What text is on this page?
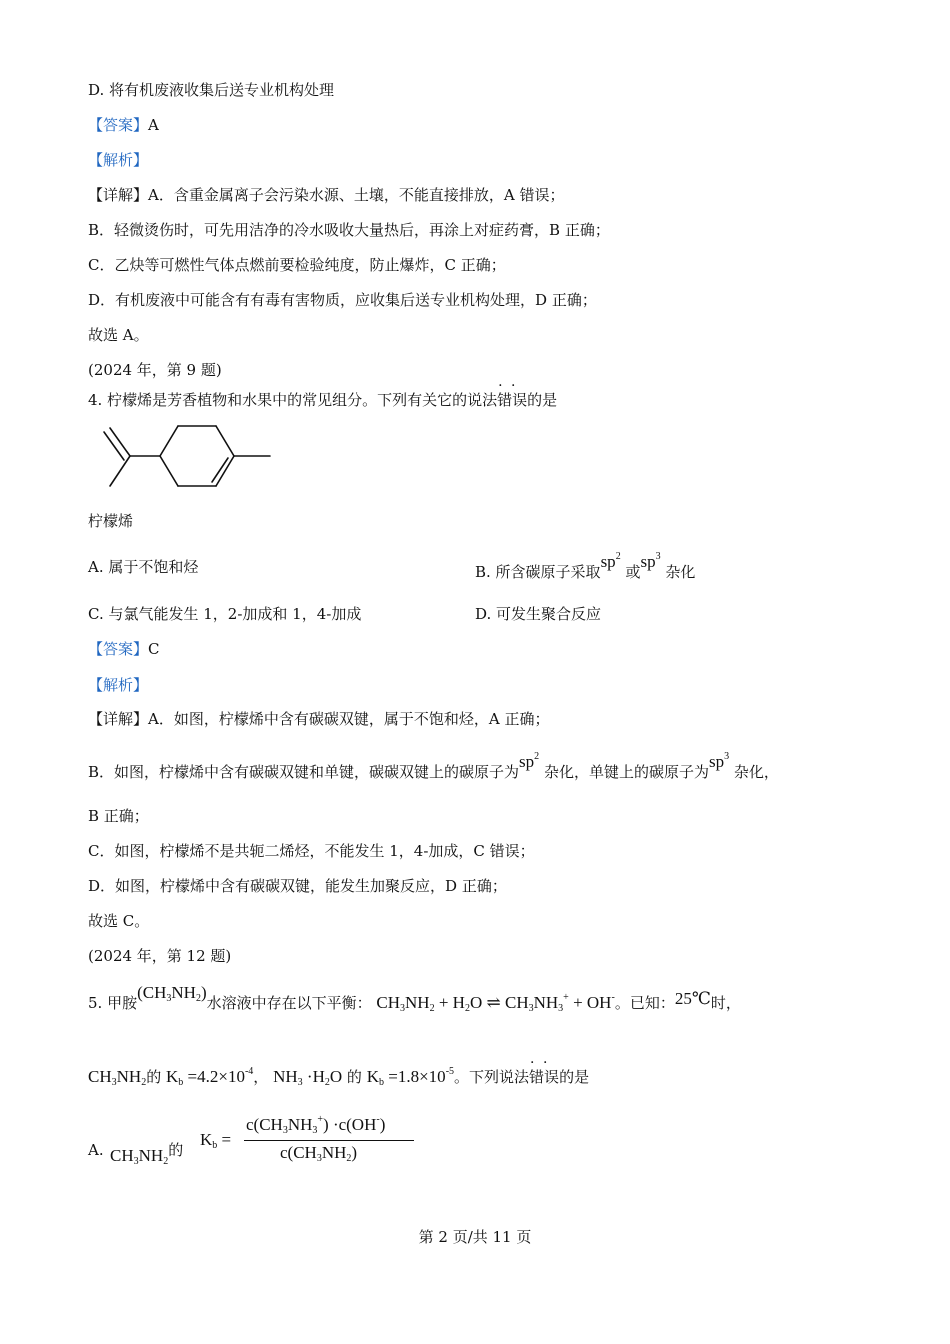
D. 将有机废液收集后送专业机构处理
【答案】A
【解析】
【详解】A．含重金属离子会污染水源、土壤，不能直接排放，A 错误；
B．轻微烫伤时，可先用洁净的冷水吸收大量热后，再涂上对症药膏，B 正确；
C．乙炔等可燃性气体点燃前要检验纯度，防止爆炸，C 正确；
D．有机废液中可能含有有毒有害物质，应收集后送专业机构处理，D 正确；
故选 A。
(2024 年，第 9 题)
4. 柠檬烯是芳香植物和水果中的常见组分。下列有关它的说法· · 错误的是
柠檬烯
A. 属于不饱和烃	B. 所含碳原子采取$sp^2$ 或$sp^3$ 杂化
C. 与氯气能发生 1，2-加成和 1，4-加成	D. 可发生聚合反应
【答案】C
【解析】
【详解】A．如图，柠檬烯中含有碳碳双键，属于不饱和烃，A 正确；
B．如图，柠檬烯中含有碳碳双键和单键，碳碳双键上的碳原子为$sp^2$ 杂化，单键上的碳原子为$sp^3$ 杂化，
B 正确；
C．如图，柠檬烯不是共轭二烯烃，不能发生 1，4-加成，C 错误；
D．如图，柠檬烯中含有碳碳双键，能发生加聚反应，D 正确；
故选 C。
(2024 年，第 12 题)
5. 甲胺$(CH_3NH_2)$水溶液中存在以下平衡： $CH_3NH_2 + H_2O$ ⇌ $CH_3NH_3^+ + OH^-$。已知：25℃时，
$CH_3NH_2$的 $K_b =4.2\times 10^{-4}$， $NH_3 \cdot H_2O$ 的 $K_b =1.8\times 10^{-5}$。下列说法· · 错误的是
A. $CH_3NH_2$的
$K_b$ =
$c(CH_3NH_3^+) \cdot c(OH^-)$
$c(CH_3NH_2)$
第 2 页/共 11 页
